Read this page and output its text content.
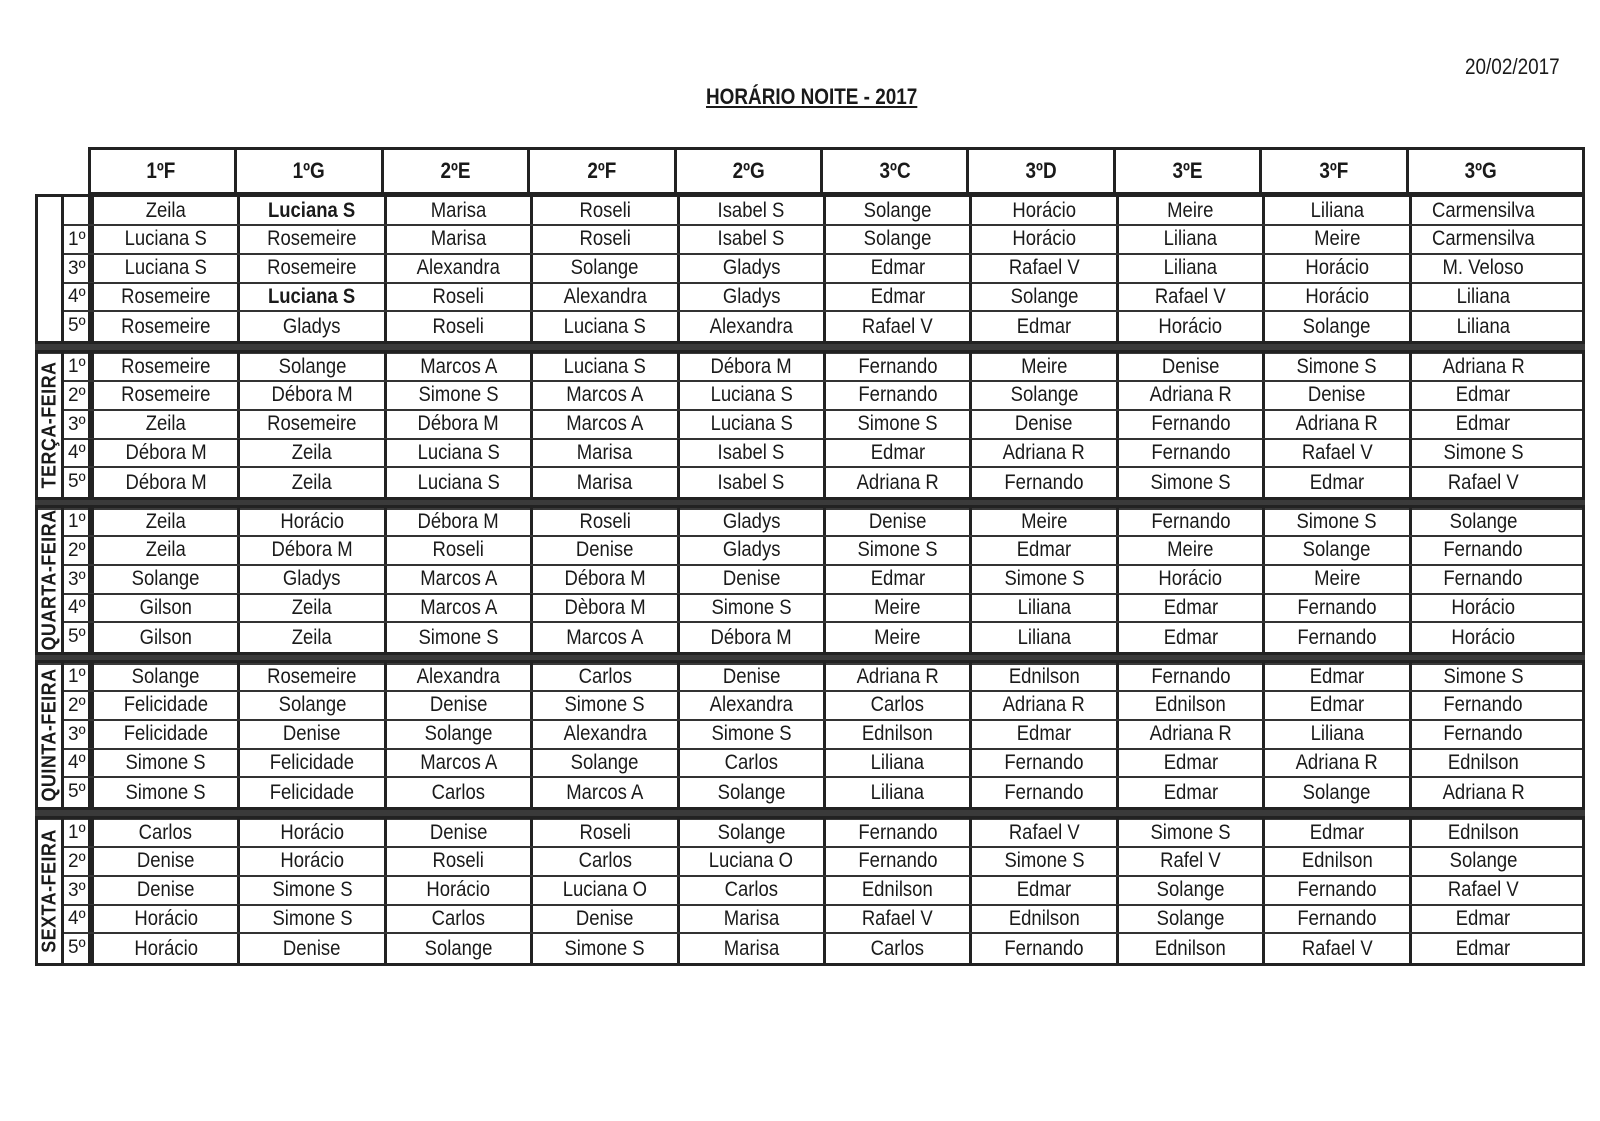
20/02/2017
HORÁRIO NOITE - 2017
1ºF	1ºG	2ºE	2ºF	2ºG	3ºC	3ºD	3ºE	3ºF	3ºG
Zeila	Luciana S	Marisa	Roseli	Isabel S	Solange	Horácio	Meire	Liliana	Carmensilva
1º Luciana S	Rosemeire	Marisa	Roseli	Isabel S	Solange	Horácio	Liliana	Meire	Carmensilva
3º Luciana S	Rosemeire	Alexandra	Solange	Gladys	Edmar	Rafael V	Liliana	Horácio	M. Veloso
4º Rosemeire	Luciana S	Roseli	Alexandra	Gladys	Edmar	Solange	Rafael V	Horácio	Liliana
5º Rosemeire	Gladys	Roseli	Luciana S	Alexandra	Rafael V	Edmar	Horácio	Solange	Liliana
TERÇA-FEIRA 1º Rosemeire	Solange	Marcos A	Luciana S	Débora M	Fernando	Meire	Denise	Simone S	Adriana R
2º Rosemeire	Débora M	Simone S	Marcos A	Luciana S	Fernando	Solange	Adriana R	Denise	Edmar
3º	Zeila	Rosemeire	Débora M	Marcos A	Luciana S	Simone S	Denise	Fernando	Adriana R	Edmar
4º Débora M	Zeila	Luciana S	Marisa	Isabel S	Edmar	Adriana R	Fernando	Rafael V	Simone S
5º Débora M	Zeila	Luciana S	Marisa	Isabel S	Adriana R	Fernando	Simone S	Edmar	Rafael V
QUARTA-FEIRA 1º	Zeila	Horácio	Débora M	Roseli	Gladys	Denise	Meire	Fernando	Simone S	Solange
2º	Zeila	Débora M	Roseli	Denise	Gladys	Simone S	Edmar	Meire	Solange	Fernando
3º Solange	Gladys	Marcos A	Débora M	Denise	Edmar	Simone S	Horácio	Meire	Fernando
4º	Gilson	Zeila	Marcos A	Dèbora M	Simone S	Meire	Liliana	Edmar	Fernando	Horácio
5º	Gilson	Zeila	Simone S	Marcos A	Débora M	Meire	Liliana	Edmar	Fernando	Horácio
QUINTA-FEIRA 1º Solange	Rosemeire	Alexandra	Carlos	Denise	Adriana R	Ednilson	Fernando	Edmar	Simone S
2º Felicidade	Solange	Denise	Simone S	Alexandra	Carlos	Adriana R	Ednilson	Edmar	Fernando
3º Felicidade	Denise	Solange	Alexandra	Simone S	Ednilson	Edmar	Adriana R	Liliana	Fernando
4º Simone S	Felicidade	Marcos A	Solange	Carlos	Liliana	Fernando	Edmar	Adriana R	Ednilson
5º Simone S	Felicidade	Carlos	Marcos A	Solange	Liliana	Fernando	Edmar	Solange	Adriana R
SEXTA-FEIRA 1º	Carlos	Horácio	Denise	Roseli	Solange	Fernando	Rafael V	Simone S	Edmar	Ednilson
2º Denise	Horácio	Roseli	Carlos	Luciana O	Fernando	Simone S	Rafel V	Ednilson	Solange
3º Denise	Simone S	Horácio	Luciana O	Carlos	Ednilson	Edmar	Solange	Fernando	Rafael V
4º Horácio	Simone S	Carlos	Denise	Marisa	Rafael V	Ednilson	Solange	Fernando	Edmar
5º Horácio	Denise	Solange	Simone S	Marisa	Carlos	Fernando	Ednilson	Rafael V	Edmar
